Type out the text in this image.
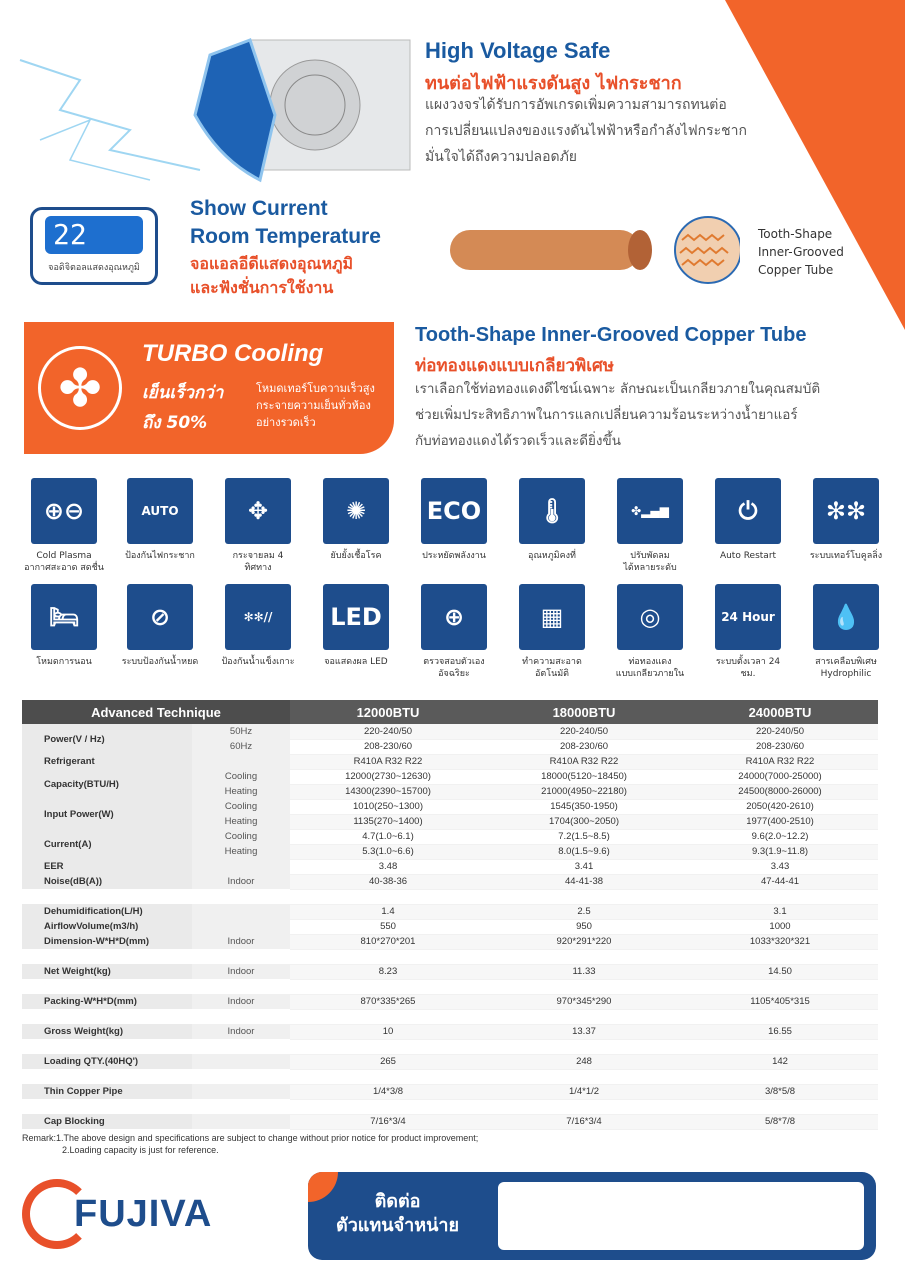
High Voltage Safe
ทนต่อไฟฟ้าแรงดันสูง ไฟกระชาก
แผงวงจรได้รับการอัพเกรดเพิ่มความสามารถทนต่อ
การเปลี่ยนแปลงของแรงดันไฟฟ้าหรือกำลังไฟกระชาก
มั่นใจได้ถึงความปลอดภัย
22
จอดิจิตอลแสดงอุณหภูมิ
Show Current
Room Temperature
จอแอลอีดีแสดงอุณหภูมิ
และฟังชั่นการใช้งาน
Tooth-Shape
Inner-Grooved
Copper Tube
✤
TURBO Cooling
เย็นเร็วกว่า
ถึง 50%
โหมดเทอร์โบความเร็วสูง
กระจายความเย็นทั่วห้อง
อย่างรวดเร็ว
Tooth-Shape Inner-Grooved Copper Tube
ท่อทองแดงแบบเกลียวพิเศษ
เราเลือกใช้ท่อทองแดงดีไซน์เฉพาะ ลักษณะเป็นเกลียวภายในคุณสมบัติ
ช่วยเพิ่มประสิทธิภาพในการแลกเปลี่ยนความร้อนระหว่างน้ำยาแอร์
กับท่อทองแดงได้รวดเร็วและดียิ่งขึ้น
⊕⊖
Cold Plasma
อากาศสะอาด สดชื่น
AUTO
ป้องกันไฟกระชาก
✥
กระจายลม 4 ทิศทาง
✺
ยับยั้งเชื้อโรค
ECO
ประหยัดพลังงาน
🌡
อุณหภูมิคงที่
✤▂▄▆
ปรับพัดลม
ได้หลายระดับ
⏻
Auto Restart
✻✻
ระบบเทอร์โบคูลลิ่ง
🛏
โหมดการนอน
⊘
ระบบป้องกันน้ำหยด
✻✻//
ป้องกันน้ำแข็งเกาะ
LED
จอแสดงผล LED
⊕
ตรวจสอบตัวเองอัจฉริยะ
▦
ทำความสะอาดอัตโนมัติ
◎
ท่อทองแดง
แบบเกลียวภายใน
24 Hour
ระบบตั้งเวลา 24 ชม.
💧
สารเคลือบพิเศษ
Hydrophilic
Advanced Technique		12000BTU	18000BTU	24000BTU
Power(V / Hz)	50Hz	220-240/50	220-240/50	220-240/50
	60Hz	208-230/60	208-230/60	208-230/60
Refrigerant		R410A R32 R22	R410A R32 R22	R410A R32 R22
Capacity(BTU/H)	Cooling	12000(2730~12630)	18000(5120~18450)	24000(7000-25000)
	Heating	14300(2390~15700)	21000(4950~22180)	24500(8000-26000)
Input Power(W)	Cooling	1010(250~1300)	1545(350-1950)	2050(420-2610)
	Heating	1135(270~1400)	1704(300~2050)	1977(400-2510)
Current(A)	Cooling	4.7(1.0~6.1)	7.2(1.5~8.5)	9.6(2.0~12.2)
	Heating	5.3(1.0~6.6)	8.0(1.5~9.6)	9.3(1.9~11.8)
EER		3.48	3.41	3.43
Noise(dB(A))	Indoor	40-38-36	44-41-38	47-44-41

Dehumidification(L/H)		1.4	2.5	3.1
AirflowVolume(m3/h)		550	950	1000
Dimension-W*H*D(mm)	Indoor	810*270*201	920*291*220	1033*320*321

Net Weight(kg)	Indoor	8.23	11.33	14.50

Packing-W*H*D(mm)	Indoor	870*335*265	970*345*290	1105*405*315

Gross Weight(kg)	Indoor	10	13.37	16.55

Loading QTY.(40HQ')		265	248	142

Thin Copper Pipe		1/4*3/8	1/4*1/2	3/8*5/8

Cap Blocking		7/16*3/4	7/16*3/4	5/8*7/8
Remark:1.The above design and specifications are subject to change without prior notice for product improvement;
2.Loading capacity is just for reference.
FUJIVA	ติดต่อ
ตัวแทนจำหน่าย
